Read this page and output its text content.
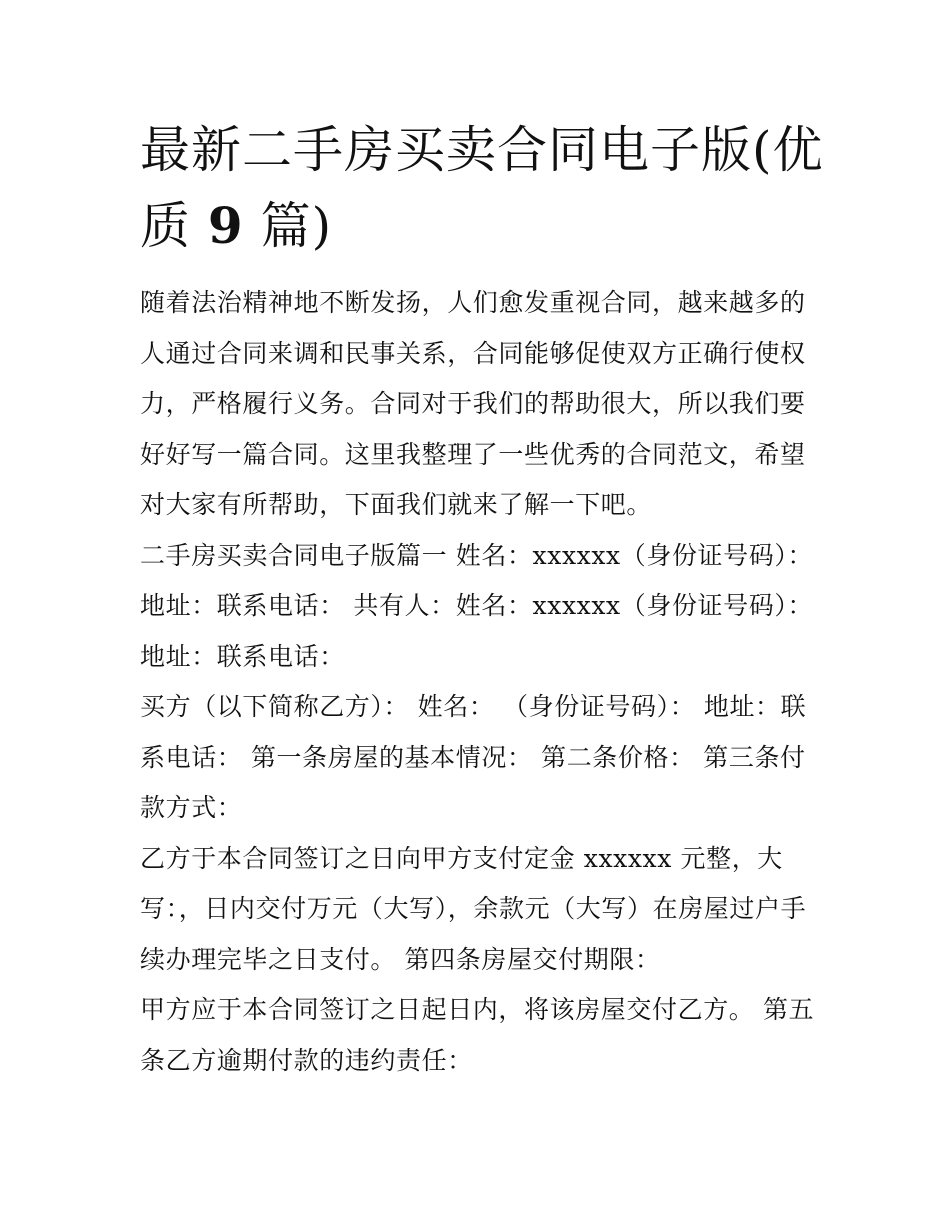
最新二手房买卖合同电子版(优
质 9 篇)

随着法治精神地不断发扬，人们愈发重视合同，越来越多的人通过合同来调和民事关系，合同能够促使双方正确行使权力，严格履行义务。合同对于我们的帮助很大，所以我们要好好写一篇合同。这里我整理了一些优秀的合同范文，希望对大家有所帮助，下面我们就来了解一下吧。

二手房买卖合同电子版篇一 姓名：xxxxxx（身份证号码）：地址：联系电话： 共有人：姓名：xxxxxx（身份证号码）：地址：联系电话：

买方（以下简称乙方）： 姓名： （身份证号码）： 地址：联系电话： 第一条房屋的基本情况： 第二条价格： 第三条付款方式：

乙方于本合同签订之日向甲方支付定金 xxxxxx 元整，大写：，日内交付万元（大写），余款元（大写）在房屋过户手续办理完毕之日支付。 第四条房屋交付期限：

甲方应于本合同签订之日起日内，将该房屋交付乙方。 第五条乙方逾期付款的违约责任：
